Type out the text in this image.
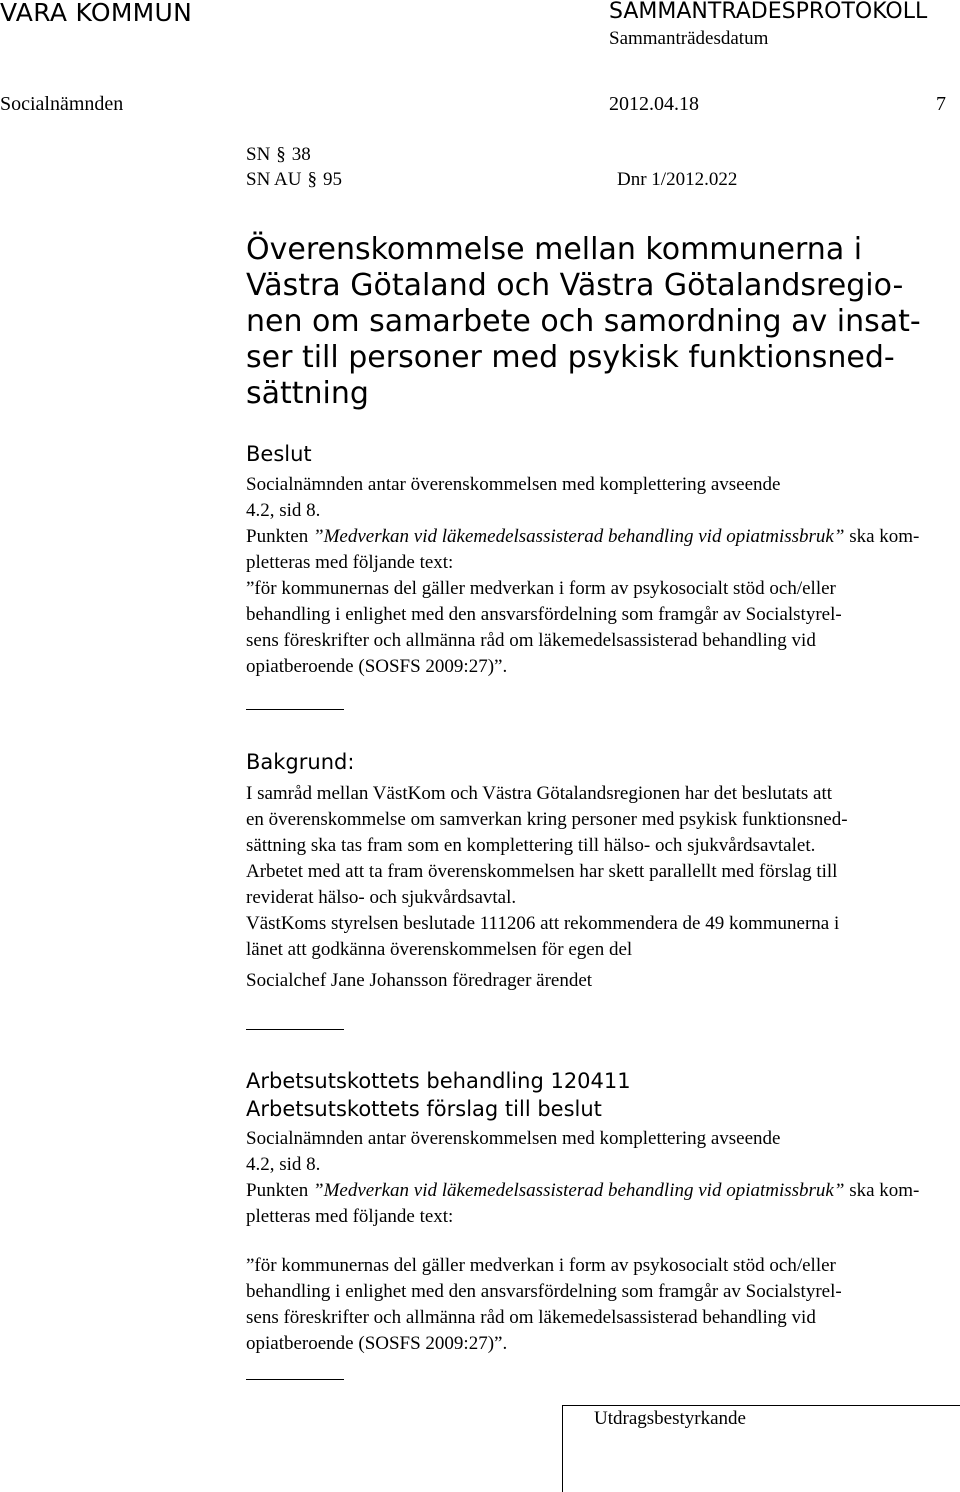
VARA KOMMUN	SAMMANTRÄDESPROTOKOLL
Sammanträdesdatum
Socialnämnden	2012.04.18	7
SN § 38
SN AU § 95	Dnr 1/2012.022
Överenskommelse mellan kommunerna i
Västra Götaland och Västra Götalandsregio-
nen om samarbete och samordning av insat-
ser till personer med psykisk funktionsned-
sättning
Beslut
Socialnämnden antar överenskommelsen med komplettering avseende
4.2, sid 8.
Punkten ”Medverkan vid läkemedelsassisterad behandling vid opiatmissbruk” ska kom-
pletteras med följande text:
”för kommunernas del gäller medverkan i form av psykosocialt stöd och/eller
behandling i enlighet med den ansvarsfördelning som framgår av Socialstyrel-
sens föreskrifter och allmänna råd om läkemedelsassisterad behandling vid
opiatberoende (SOSFS 2009:27)”.
Bakgrund:
I samråd mellan VästKom och Västra Götalandsregionen har det beslutats att
en överenskommelse om samverkan kring personer med psykisk funktionsned-
sättning ska tas fram som en komplettering till hälso- och sjukvårdsavtalet.
Arbetet med att ta fram överenskommelsen har skett parallellt med förslag till
reviderat hälso- och sjukvårdsavtal.
VästKoms styrelsen beslutade 111206 att rekommendera de 49 kommunerna i
länet att godkänna överenskommelsen för egen del
Socialchef Jane Johansson föredrager ärendet
Arbetsutskottets behandling 120411
Arbetsutskottets förslag till beslut
Socialnämnden antar överenskommelsen med komplettering avseende
4.2, sid 8.
Punkten ”Medverkan vid läkemedelsassisterad behandling vid opiatmissbruk” ska kom-
pletteras med följande text:
”för kommunernas del gäller medverkan i form av psykosocialt stöd och/eller
behandling i enlighet med den ansvarsfördelning som framgår av Socialstyrel-
sens föreskrifter och allmänna råd om läkemedelsassisterad behandling vid
opiatberoende (SOSFS 2009:27)”.
Utdragsbestyrkande
